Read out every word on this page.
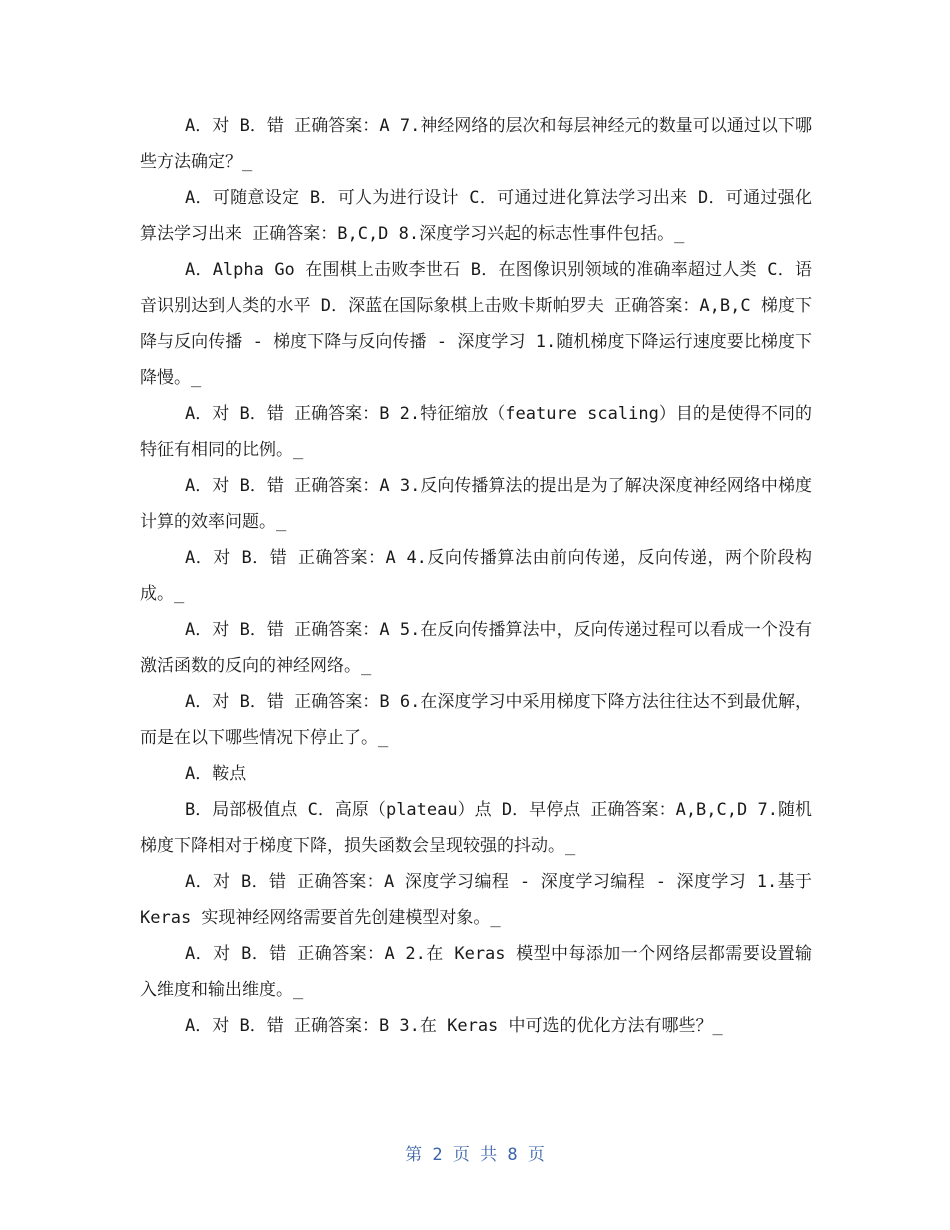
A．对 B．错 正确答案：A 7.神经网络的层次和每层神经元的数量可以通过以下哪些方法确定？_

A．可随意设定 B．可人为进行设计 C．可通过进化算法学习出来 D．可通过强化算法学习出来 正确答案：B,C,D 8.深度学习兴起的标志性事件包括。_

A．Alpha Go 在围棋上击败李世石 B．在图像识别领域的准确率超过人类 C．语音识别达到人类的水平 D．深蓝在国际象棋上击败卡斯帕罗夫 正确答案：A,B,C 梯度下降与反向传播 - 梯度下降与反向传播 - 深度学习 1.随机梯度下降运行速度要比梯度下降慢。_

A．对 B．错 正确答案：B 2.特征缩放（feature scaling）目的是使得不同的特征有相同的比例。_

A．对 B．错 正确答案：A 3.反向传播算法的提出是为了解决深度神经网络中梯度计算的效率问题。_

A．对 B．错 正确答案：A 4.反向传播算法由前向传递，反向传递，两个阶段构成。_

A．对 B．错 正确答案：A 5.在反向传播算法中，反向传递过程可以看成一个没有激活函数的反向的神经网络。_

A．对 B．错 正确答案：B 6.在深度学习中采用梯度下降方法往往达不到最优解，而是在以下哪些情况下停止了。_

A．鞍点

B．局部极值点 C．高原（plateau）点 D．早停点 正确答案：A,B,C,D 7.随机梯度下降相对于梯度下降，损失函数会呈现较强的抖动。_

A．对 B．错 正确答案：A 深度学习编程 - 深度学习编程 - 深度学习 1.基于 Keras 实现神经网络需要首先创建模型对象。_

A．对 B．错 正确答案：A 2.在 Keras 模型中每添加一个网络层都需要设置输入维度和输出维度。_

A．对 B．错 正确答案：B 3.在 Keras 中可选的优化方法有哪些？_

第 2 页 共 8 页
